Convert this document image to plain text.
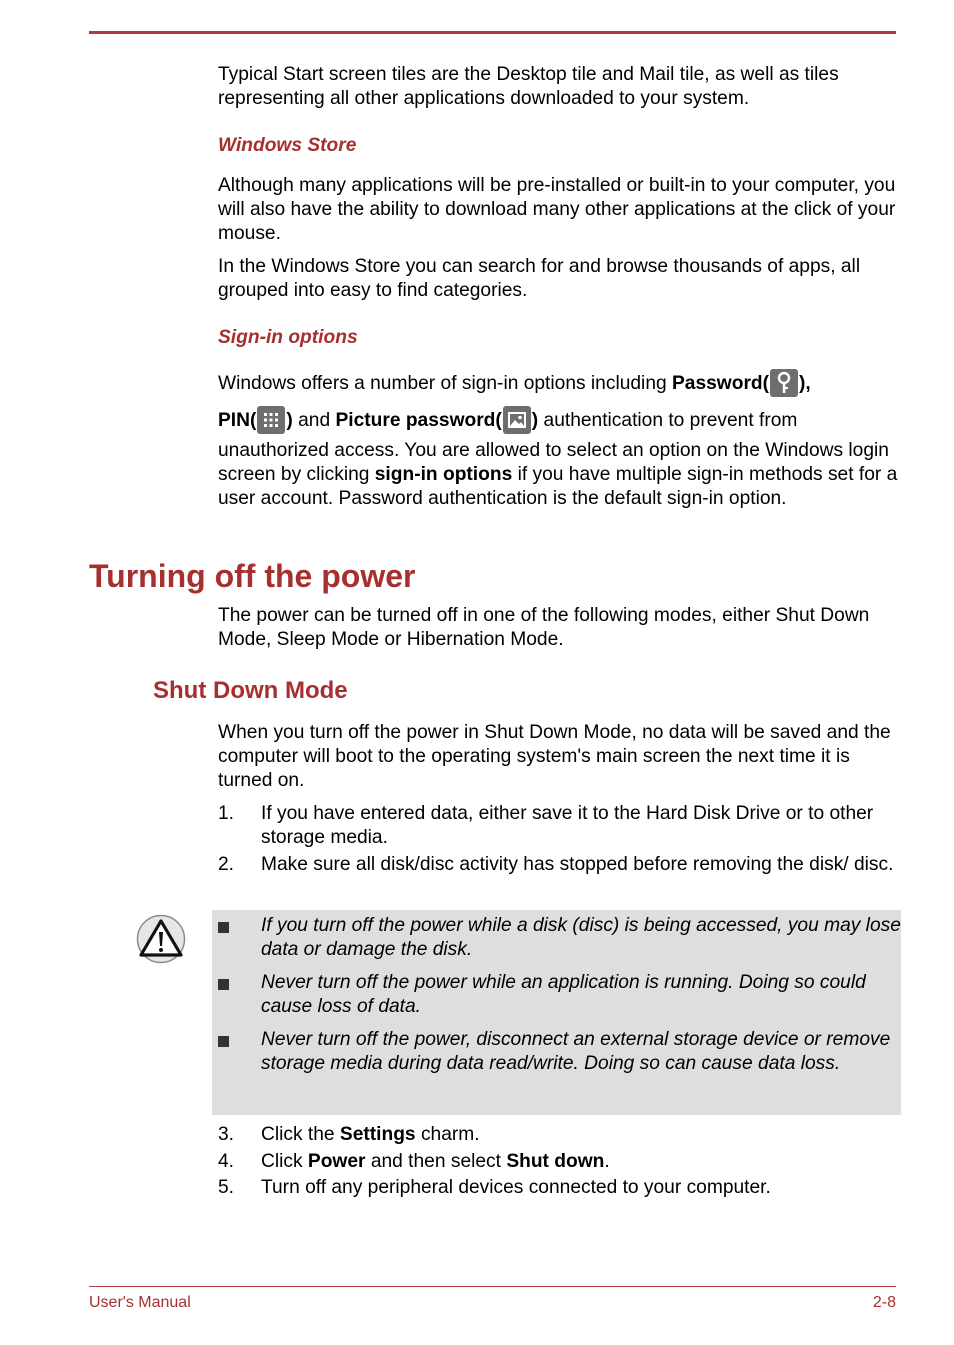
Typical Start screen tiles are the Desktop tile and Mail tile, as well as tiles representing all other applications downloaded to your system.

Windows Store

Although many applications will be pre-installed or built-in to your computer, you will also have the ability to download many other applications at the click of your mouse.

In the Windows Store you can search for and browse thousands of apps, all grouped into easy to find categories.

Sign-in options

Windows offers a number of sign-in options including Password( ),
PIN( ) and Picture password( ) authentication to prevent from

unauthorized access. You are allowed to select an option on the Windows login screen by clicking sign-in options if you have multiple sign-in methods set for a user account. Password authentication is the default sign-in option.

Turning off the power

The power can be turned off in one of the following modes, either Shut Down Mode, Sleep Mode or Hibernation Mode.

Shut Down Mode

When you turn off the power in Shut Down Mode, no data will be saved and the computer will boot to the operating system's main screen the next time it is turned on.

1. If you have entered data, either save it to the Hard Disk Drive or to other storage media.
2. Make sure all disk/disc activity has stopped before removing the disk/ disc.
If you turn off the power while a disk (disc) is being accessed, you may lose data or damage the disk.
Never turn off the power while an application is running. Doing so could cause loss of data.
Never turn off the power, disconnect an external storage device or remove storage media during data read/write. Doing so can cause data loss.
3. Click the Settings charm.
4. Click Power and then select Shut down.
5. Turn off any peripheral devices connected to your computer.
User's Manual	2-8
